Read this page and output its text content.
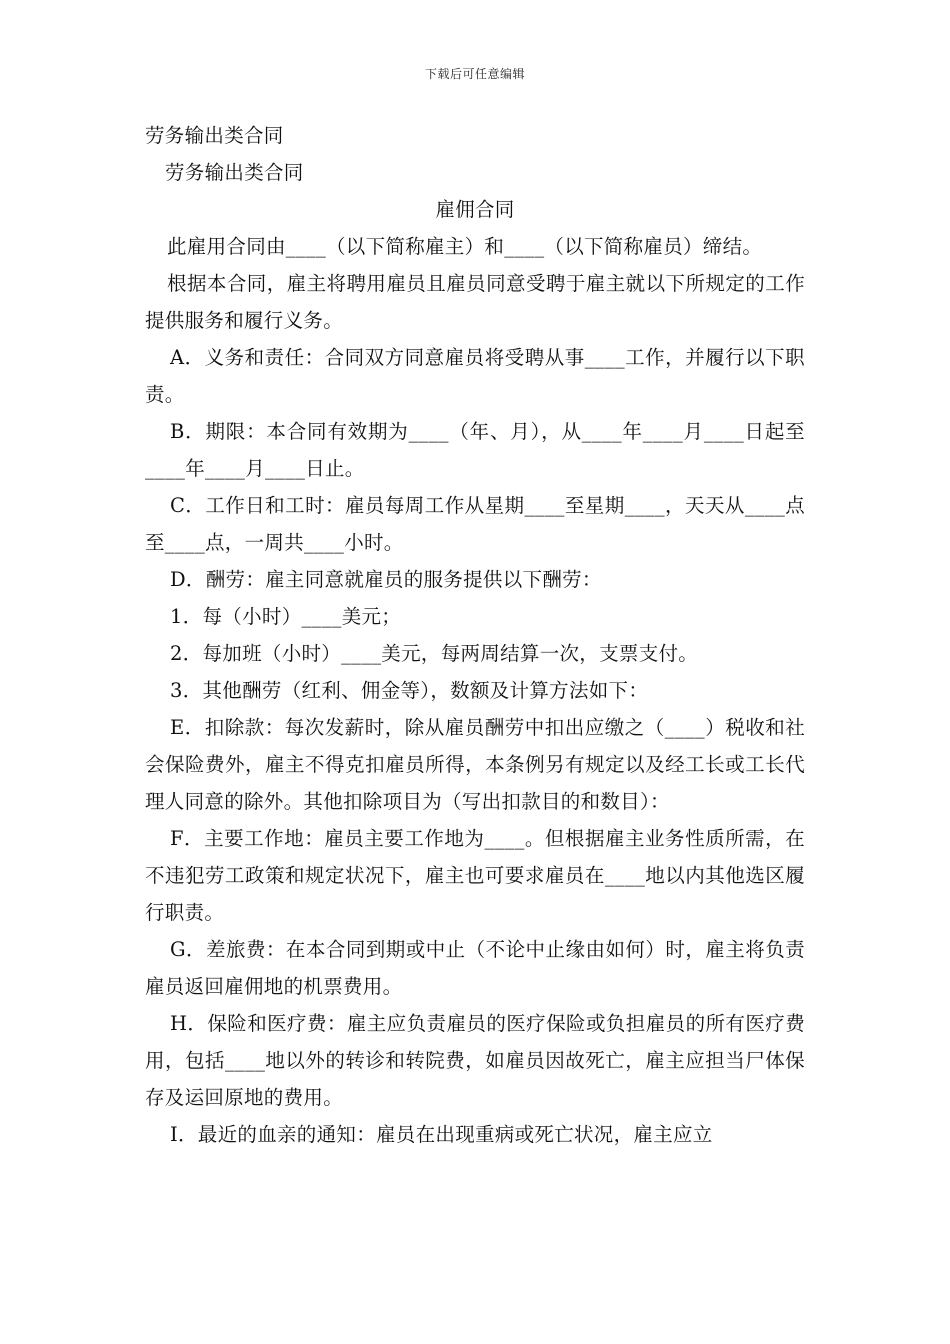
下载后可任意编辑

劳务输出类合同

劳务输出类合同

雇佣合同

此雇用合同由____（以下简称雇主）和____（以下简称雇员）缔结。

根据本合同，雇主将聘用雇员且雇员同意受聘于雇主就以下所规定的工作提供服务和履行义务。

A．义务和责任：合同双方同意雇员将受聘从事____工作，并履行以下职责。

B．期限：本合同有效期为____（年、月），从____年____月____日起至____年____月____日止。

C．工作日和工时：雇员每周工作从星期____至星期____，天天从____点至____点，一周共____小时。

D．酬劳：雇主同意就雇员的服务提供以下酬劳：

1．每（小时）____美元；

2．每加班（小时）____美元，每两周结算一次，支票支付。

3．其他酬劳（红利、佣金等），数额及计算方法如下：

E．扣除款：每次发薪时，除从雇员酬劳中扣出应缴之（____）税收和社会保险费外，雇主不得克扣雇员所得，本条例另有规定以及经工长或工长代理人同意的除外。其他扣除项目为（写出扣款目的和数目）：

F．主要工作地：雇员主要工作地为____。但根据雇主业务性质所需，在不违犯劳工政策和规定状况下，雇主也可要求雇员在____地以内其他选区履行职责。

G．差旅费：在本合同到期或中止（不论中止缘由如何）时，雇主将负责雇员返回雇佣地的机票费用。

H．保险和医疗费：雇主应负责雇员的医疗保险或负担雇员的所有医疗费用，包括____地以外的转诊和转院费，如雇员因故死亡，雇主应担当尸体保存及运回原地的费用。

I．最近的血亲的通知：雇员在出现重病或死亡状况，雇主应立
